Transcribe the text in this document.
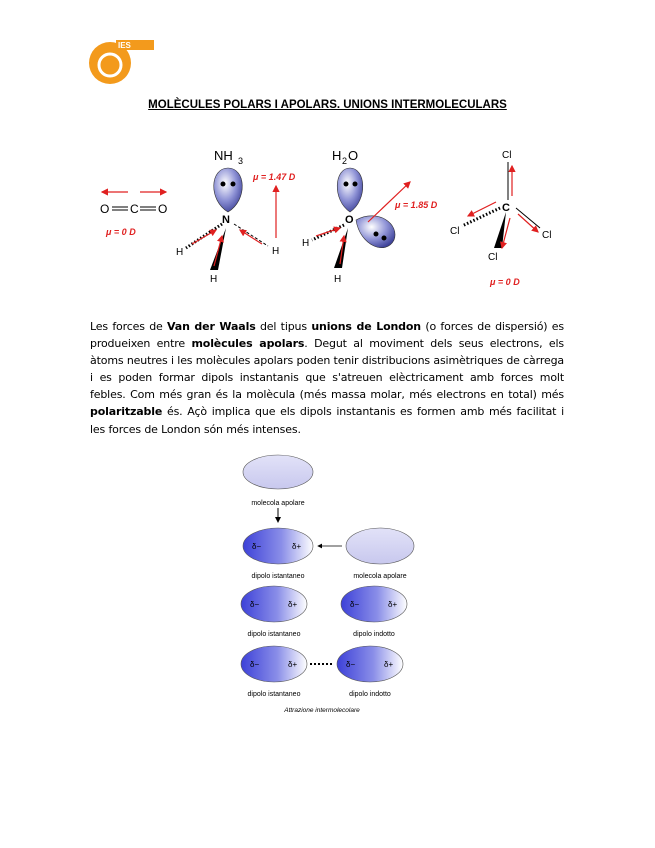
IES
MOLÈCULES POLARS I APOLARS. UNIONS INTERMOLECULARS
O C O
μ = 0 D
NH 3
N
H	H
H
μ = 1.47 D
H 2 O
O
H
H
μ = 1.85 D
Cl
C
Cl	Cl
Cl
μ = 0 D
Les forces de Van der Waals del tipus unions de London (o forces de dispersió) es produeixen entre molècules apolars. Degut al moviment dels seus electrons, els àtoms neutres i les molècules apolars poden tenir distribucions asimètriques de càrrega i es poden formar dipols instantanis que s'atreuen elèctricament amb forces molt febles. Com més gran és la molècula (més massa molar, més electrons en total) més polaritzable és. Açò implica que els dipols instantanis es formen amb més facilitat i les forces de London són més intenses.
molecola apolare
δ−	δ+
dipolo istantaneo	molecola apolare
δ−	δ+	δ−	δ+
dipolo istantaneo	dipolo indotto
δ−	δ+	δ−	δ+
dipolo istantaneo	dipolo indotto
Attrazione intermolecolare
